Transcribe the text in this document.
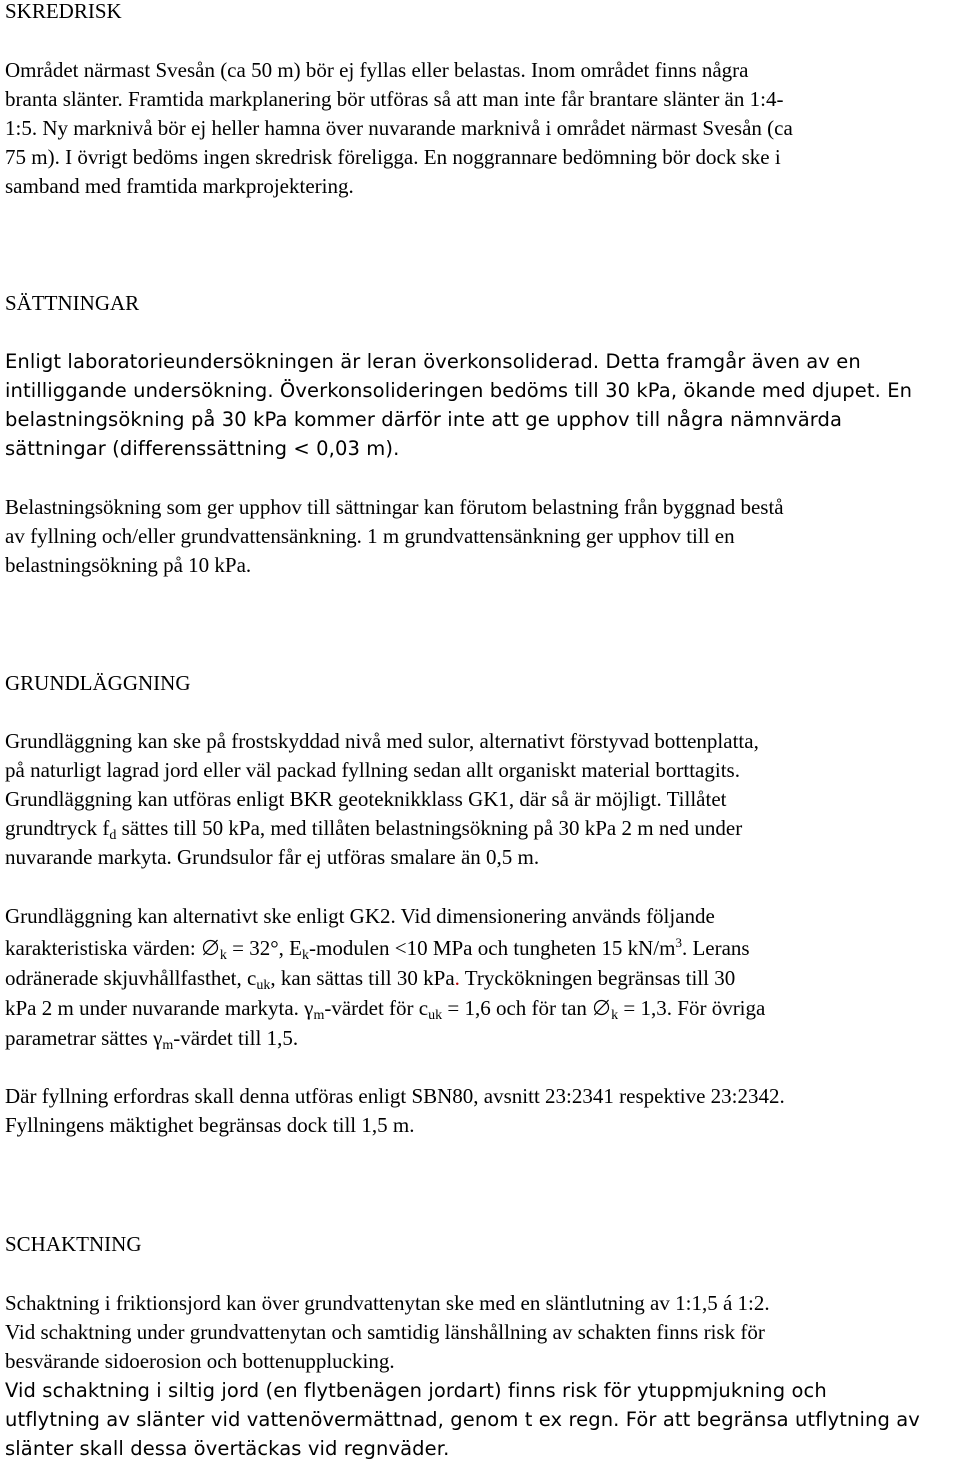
SKREDRISK
Området närmast Svesån (ca 50 m) bör ej fyllas eller belastas. Inom området finns några
branta slänter. Framtida markplanering bör utföras så att man inte får brantare slänter än 1:4-
1:5. Ny marknivå bör ej heller hamna över nuvarande marknivå i området närmast Svesån (ca
75 m). I övrigt bedöms ingen skredrisk föreligga. En noggrannare bedömning bör dock ske i
samband med framtida markprojektering.
SÄTTNINGAR
Enligt laboratorieundersökningen är leran överkonsoliderad. Detta framgår även av en
intilliggande undersökning. Överkonsolideringen bedöms till 30 kPa, ökande med djupet. En
belastningsökning på 30 kPa kommer därför inte att ge upphov till några nämnvärda
sättningar (differenssättning < 0,03 m).
Belastningsökning som ger upphov till sättningar kan förutom belastning från byggnad bestå
av fyllning och/eller grundvattensänkning. 1 m grundvattensänkning ger upphov till en
belastningsökning på 10 kPa.
GRUNDLÄGGNING
Grundläggning kan ske på frostskyddad nivå med sulor, alternativt förstyvad bottenplatta,
på naturligt lagrad jord eller väl packad fyllning sedan allt organiskt material borttagits.
Grundläggning kan utföras enligt BKR geoteknikklass GK1, där så är möjligt. Tillåtet
grundtryck $f_d$ sättes till 50 kPa, med tillåten belastningsökning på 30 kPa 2 m ned under
nuvarande markyta. Grundsulor får ej utföras smalare än 0,5 m.
Grundläggning kan alternativt ske enligt GK2. Vid dimensionering används följande
karakteristiska värden:
$_k$ = 32°, $E_k$-modulen <10 MPa och tungheten 15 $kN/m^3$. Lerans
odränerade skjuvhållfasthet, $c_{uk}$, kan sättas till 30 kPa. Tryckökningen begränsas till 30
kPa 2 m under nuvarande markyta. $\gamma_m$-värdet för $c_{uk} = 1,6$ och för tan
$_k$ = 1,3. För övriga
parametrar sättes $\gamma_m$-värdet till 1,5.
Där fyllning erfordras skall denna utföras enligt SBN80, avsnitt 23:2341 respektive 23:2342.
Fyllningens mäktighet begränsas dock till 1,5 m.
SCHAKTNING
Schaktning i friktionsjord kan över grundvattenytan ske med en släntlutning av 1:1,5 á 1:2.
Vid schaktning under grundvattenytan och samtidig länshållning av schakten finns risk för
besvärande sidoerosion och bottenupplucking.
Vid schaktning i siltig jord (en flytbenägen jordart) finns risk för ytuppmjukning och
utflytning av slänter vid vattenövermättnad, genom t ex regn. För att begränsa utflytning av
slänter skall dessa övertäckas vid regnväder.
